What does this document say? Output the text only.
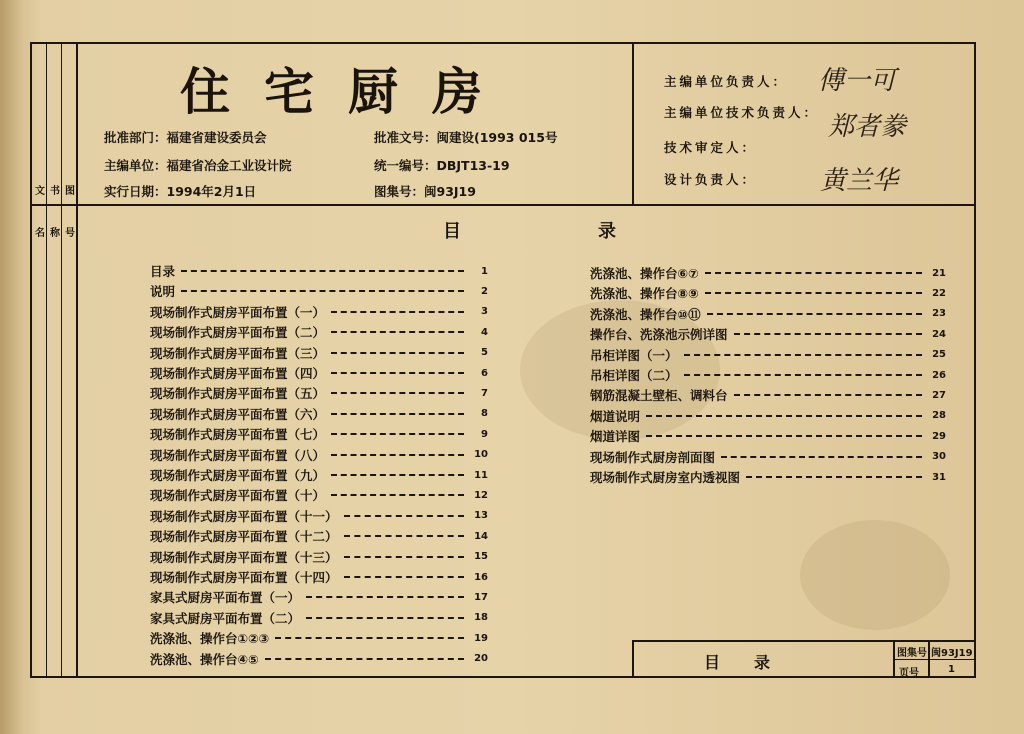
文 书 图
名 称 号
住宅厨房
批准部门：福建省建设委员会	批准文号：闽建设(1993 015号
主编单位：福建省冶金工业设计院	统一编号：DBJT13-19
实行日期：1994年2月1日	图集号：闽93J19
主编单位负责人： 傅一可
主编单位技术负责人： 郑者豢
技术审定人：
设计负责人： 黄兰华
目	录
目录	1
说明	2
现场制作式厨房平面布置（一）	3
现场制作式厨房平面布置（二）	4
现场制作式厨房平面布置（三）	5
现场制作式厨房平面布置（四）	6
现场制作式厨房平面布置（五）	7
现场制作式厨房平面布置（六）	8
现场制作式厨房平面布置（七）	9
现场制作式厨房平面布置（八）	10
现场制作式厨房平面布置（九）	11
现场制作式厨房平面布置（十）	12
现场制作式厨房平面布置（十一）	13
现场制作式厨房平面布置（十二）	14
现场制作式厨房平面布置（十三）	15
现场制作式厨房平面布置（十四）	16
家具式厨房平面布置（一）	17
家具式厨房平面布置（二）	18
洗涤池、操作台①②③	19
洗涤池、操作台④⑤	20
洗涤池、操作台⑥⑦	21
洗涤池、操作台⑧⑨	22
洗涤池、操作台⑩⑪	23
操作台、洗涤池示例详图	24
吊柜详图（一）	25
吊柜详图（二）	26
钢筋混凝土壁柜、调料台	27
烟道说明	28
烟道详图	29
现场制作式厨房剖面图	30
现场制作式厨房室内透视图	31
目录	图集号 闽93J19
页号	1
